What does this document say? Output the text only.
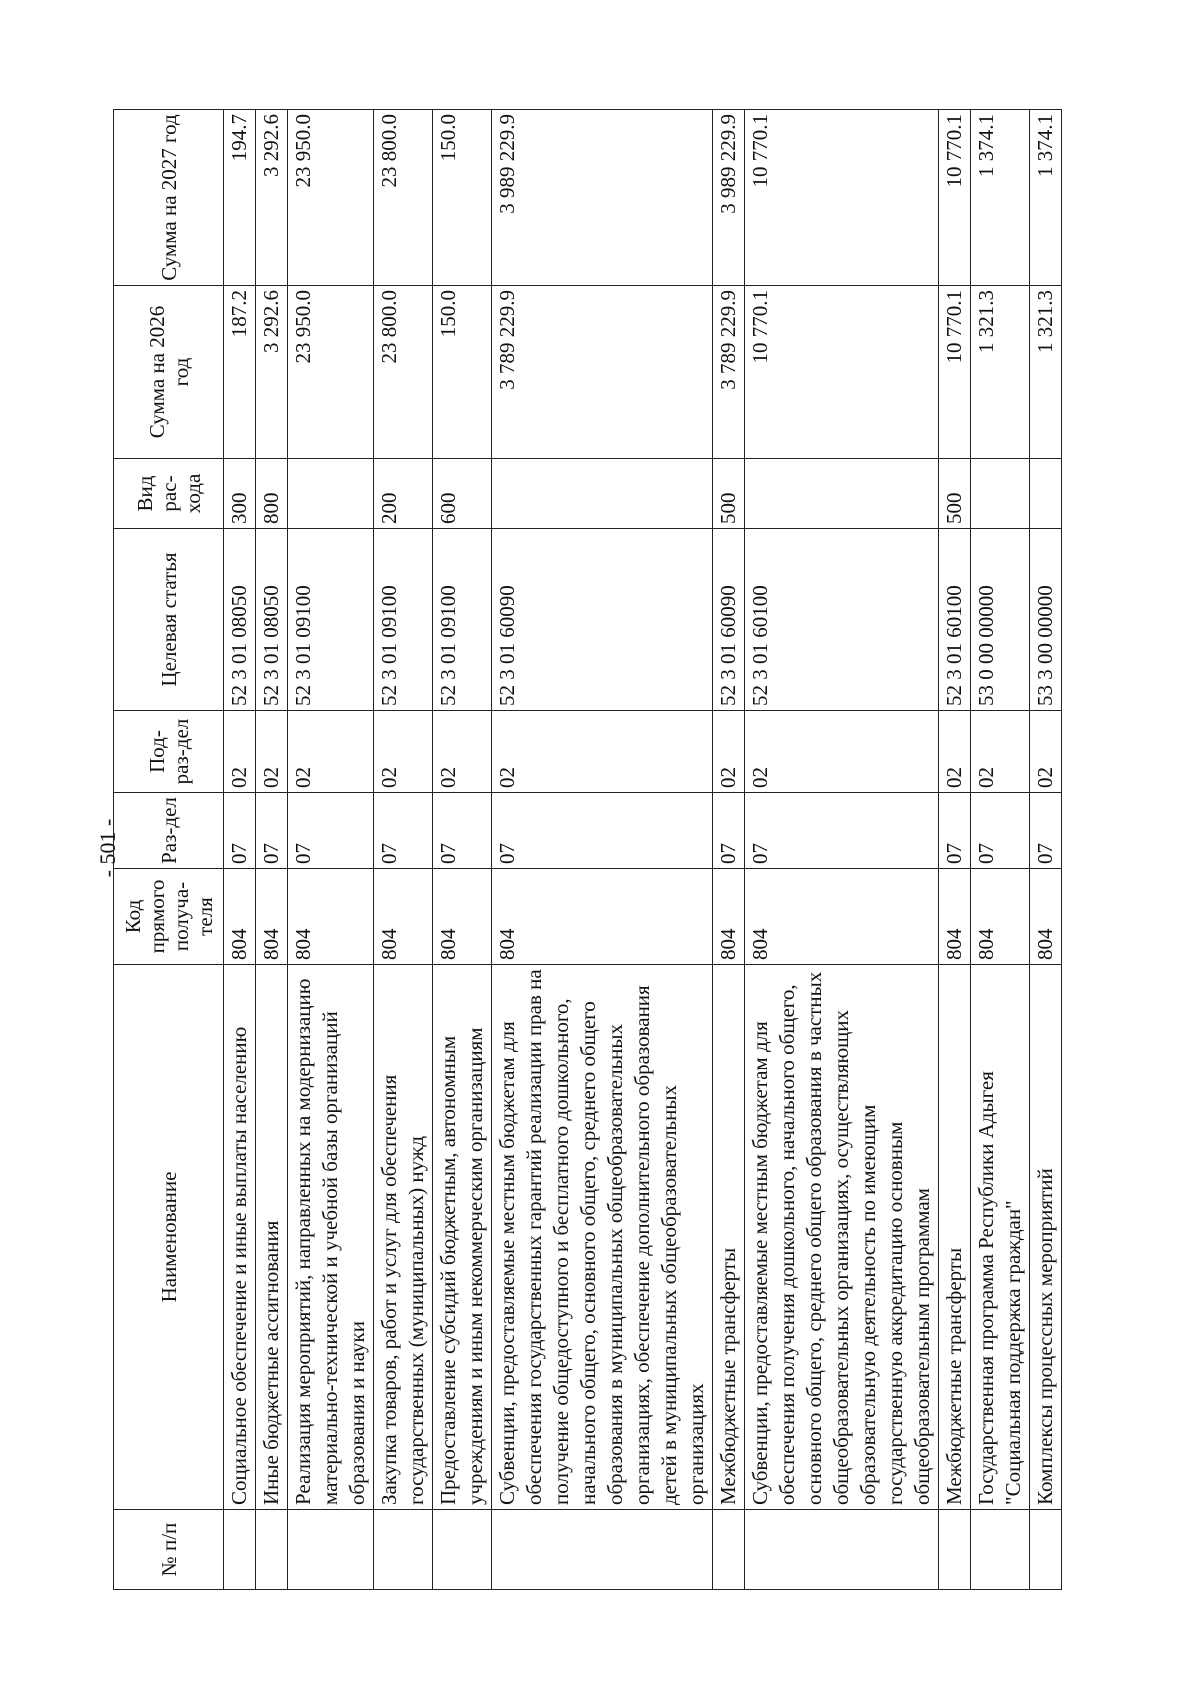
- 501 -
№ п/п	Наименование	Код прямого получа-теля	Раз-дел	Под-раз-дел	Целевая статья	Вид рас-хода	Сумма на 2026 год	Сумма на 2027 год
	Социальное обеспечение и иные выплаты населению	804	07	02	52 3 01 08050	300	187.2	194.7
	Иные бюджетные ассигнования	804	07	02	52 3 01 08050	800	3 292.6	3 292.6
	Реализация мероприятий, направленных на модернизацию материально-технической и учебной базы организаций образования и науки	804	07	02	52 3 01 09100		23 950.0	23 950.0
	Закупка товаров, работ и услуг для обеспечения государственных (муниципальных) нужд	804	07	02	52 3 01 09100	200	23 800.0	23 800.0
	Предоставление субсидий бюджетным, автономным учреждениям и иным некоммерческим организациям	804	07	02	52 3 01 09100	600	150.0	150.0
	Субвенции, предоставляемые местным бюджетам для обеспечения государственных гарантий реализации прав на получение общедоступного и бесплатного дошкольного, начального общего, основного общего, среднего общего образования в муниципальных общеобразовательных организациях, обеспечение дополнительного образования детей в муниципальных общеобразовательных организациях	804	07	02	52 3 01 60090		3 789 229.9	3 989 229.9
	Межбюджетные трансферты	804	07	02	52 3 01 60090	500	3 789 229.9	3 989 229.9
	Субвенции, предоставляемые местным бюджетам для обеспечения получения дошкольного, начального общего, основного общего, среднего общего образования в частных общеобразовательных организациях, осуществляющих образовательную деятельность по имеющим государственную аккредитацию основным общеобразовательным программам	804	07	02	52 3 01 60100		10 770.1	10 770.1
	Межбюджетные трансферты	804	07	02	52 3 01 60100	500	10 770.1	10 770.1
	Государственная программа Республики Адыгея "Социальная поддержка граждан"	804	07	02	53 0 00 00000		1 321.3	1 374.1
	Комплексы процессных мероприятий	804	07	02	53 3 00 00000		1 321.3	1 374.1
